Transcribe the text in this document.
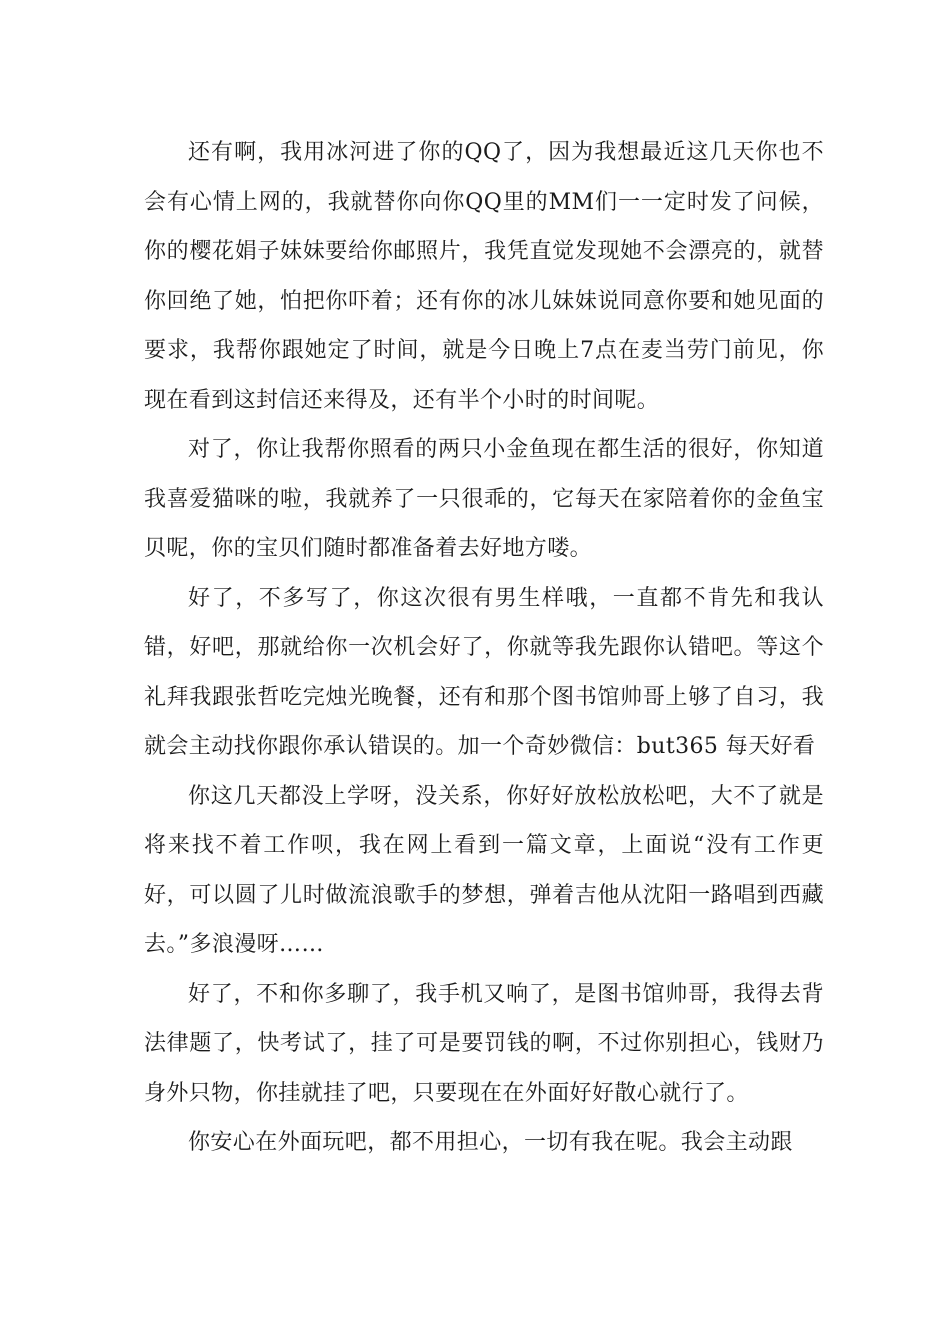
还有啊，我用冰河进了你的QQ了，因为我想最近这几天你也不会有心情上网的，我就替你向你QQ里的MM们一一定时发了问候，你的樱花娟子妹妹要给你邮照片，我凭直觉发现她不会漂亮的，就替你回绝了她，怕把你吓着；还有你的冰儿妹妹说同意你要和她见面的要求，我帮你跟她定了时间，就是今日晚上7点在麦当劳门前见，你现在看到这封信还来得及，还有半个小时的时间呢。

对了，你让我帮你照看的两只小金鱼现在都生活的很好，你知道我喜爱猫咪的啦，我就养了一只很乖的，它每天在家陪着你的金鱼宝贝呢，你的宝贝们随时都准备着去好地方喽。

好了，不多写了，你这次很有男生样哦，一直都不肯先和我认错，好吧，那就给你一次机会好了，你就等我先跟你认错吧。等这个礼拜我跟张哲吃完烛光晚餐，还有和那个图书馆帅哥上够了自习，我就会主动找你跟你承认错误的。加一个奇妙微信：but365 每天好看

你这几天都没上学呀，没关系，你好好放松放松吧，大不了就是将来找不着工作呗，我在网上看到一篇文章，上面说“没有工作更好，可以圆了儿时做流浪歌手的梦想，弹着吉他从沈阳一路唱到西藏去。”多浪漫呀……

好了，不和你多聊了，我手机又响了，是图书馆帅哥，我得去背法律题了，快考试了，挂了可是要罚钱的啊，不过你别担心，钱财乃身外只物，你挂就挂了吧，只要现在在外面好好散心就行了。

你安心在外面玩吧，都不用担心，一切有我在呢。我会主动跟
